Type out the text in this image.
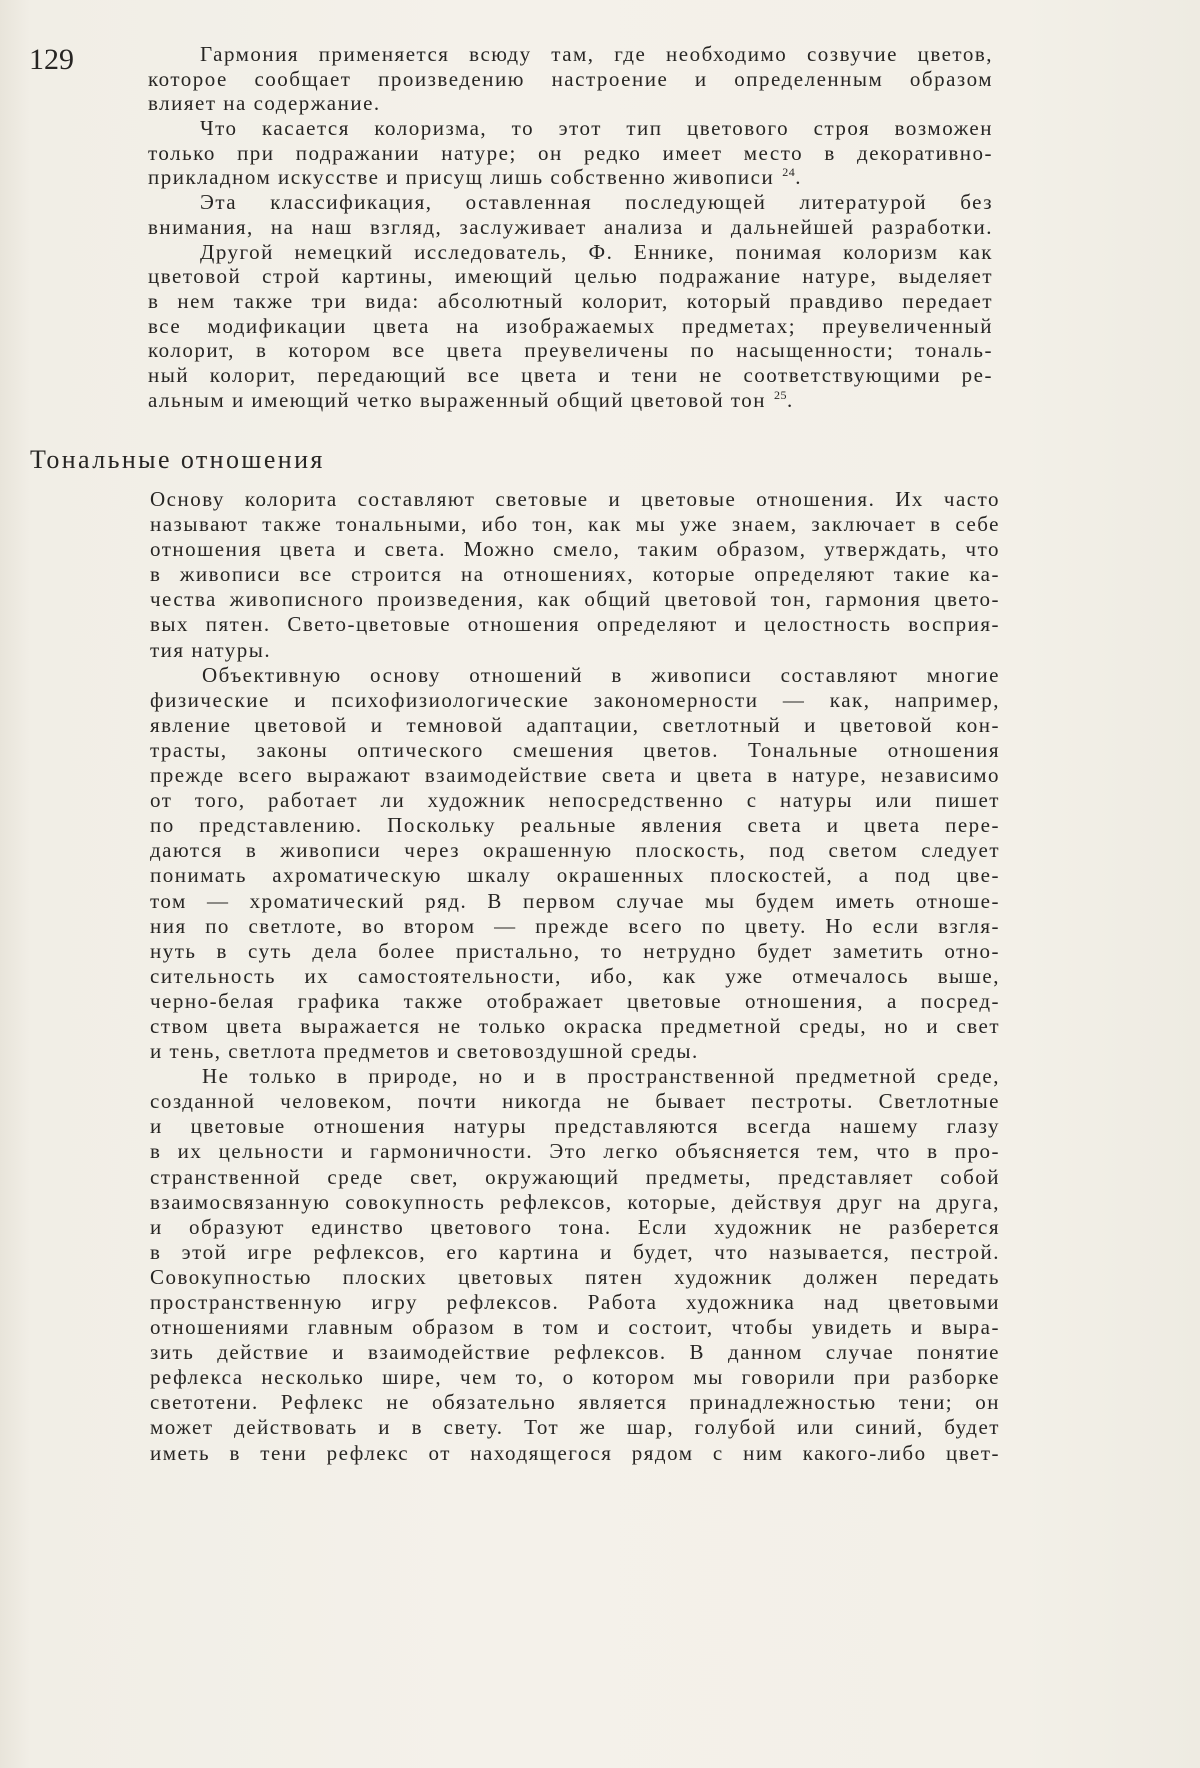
129	Гармония применяется всюду там, где необходимо созвучие цветов,
которое сообщает произведению настроение и определенным образом
влияет на содержание.
Что касается колоризма, то этот тип цветового строя возможен
только при подражании натуре; он редко имеет место в декоративно-
прикладном искусстве и присущ лишь собственно живописи $^{24}$.
Эта классификация, оставленная последующей литературой без
внимания, на наш взгляд, заслуживает анализа и дальнейшей разработки.
Другой немецкий исследователь, Ф. Еннике, понимая колоризм как
цветовой строй картины, имеющий целью подражание натуре, выделяет
в нем также три вида: абсолютный колорит, который правдиво передает
все модификации цвета на изображаемых предметах; преувеличенный
колорит, в котором все цвета преувеличены по насыщенности; тональ-
ный колорит, передающий все цвета и тени не соответствующими ре-
альным и имеющий четко выраженный общий цветовой тон $^{25}$.
Тональные отношения
Основу колорита составляют световые и цветовые отношения. Их часто
называют также тональными, ибо тон, как мы уже знаем, заключает в себе
отношения цвета и света. Можно смело, таким образом, утверждать, что
в живописи все строится на отношениях, которые определяют такие ка-
чества живописного произведения, как общий цветовой тон, гармония цвето-
вых пятен. Свето-цветовые отношения определяют и целостность восприя-
тия натуры.
Объективную основу отношений в живописи составляют многие
физические и психофизиологические закономерности — как, например,
явление цветовой и темновой адаптации, светлотный и цветовой кон-
трасты, законы оптического смешения цветов. Тональные отношения
прежде всего выражают взаимодействие света и цвета в натуре, независимо
от того, работает ли художник непосредственно с натуры или пишет
по представлению. Поскольку реальные явления света и цвета пере-
даются в живописи через окрашенную плоскость, под светом следует
понимать ахроматическую шкалу окрашенных плоскостей, а под цве-
том — хроматический ряд. В первом случае мы будем иметь отноше-
ния по светлоте, во втором — прежде всего по цвету. Но если взгля-
нуть в суть дела более пристально, то нетрудно будет заметить отно-
сительность их самостоятельности, ибо, как уже отмечалось выше,
черно-белая графика также отображает цветовые отношения, а посред-
ством цвета выражается не только окраска предметной среды, но и свет
и тень, светлота предметов и световоздушной среды.
Не только в природе, но и в пространственной предметной среде,
созданной человеком, почти никогда не бывает пестроты. Светлотные
и цветовые отношения натуры представляются всегда нашему глазу
в их цельности и гармоничности. Это легко объясняется тем, что в про-
странственной среде свет, окружающий предметы, представляет собой
взаимосвязанную совокупность рефлексов, которые, действуя друг на друга,
и образуют единство цветового тона. Если художник не разберется
в этой игре рефлексов, его картина и будет, что называется, пестрой.
Совокупностью плоских цветовых пятен художник должен передать
пространственную игру рефлексов. Работа художника над цветовыми
отношениями главным образом в том и состоит, чтобы увидеть и выра-
зить действие и взаимодействие рефлексов. В данном случае понятие
рефлекса несколько шире, чем то, о котором мы говорили при разборке
светотени. Рефлекс не обязательно является принадлежностью тени; он
может действовать и в свету. Тот же шар, голубой или синий, будет
иметь в тени рефлекс от находящегося рядом с ним какого-либо цвет-
